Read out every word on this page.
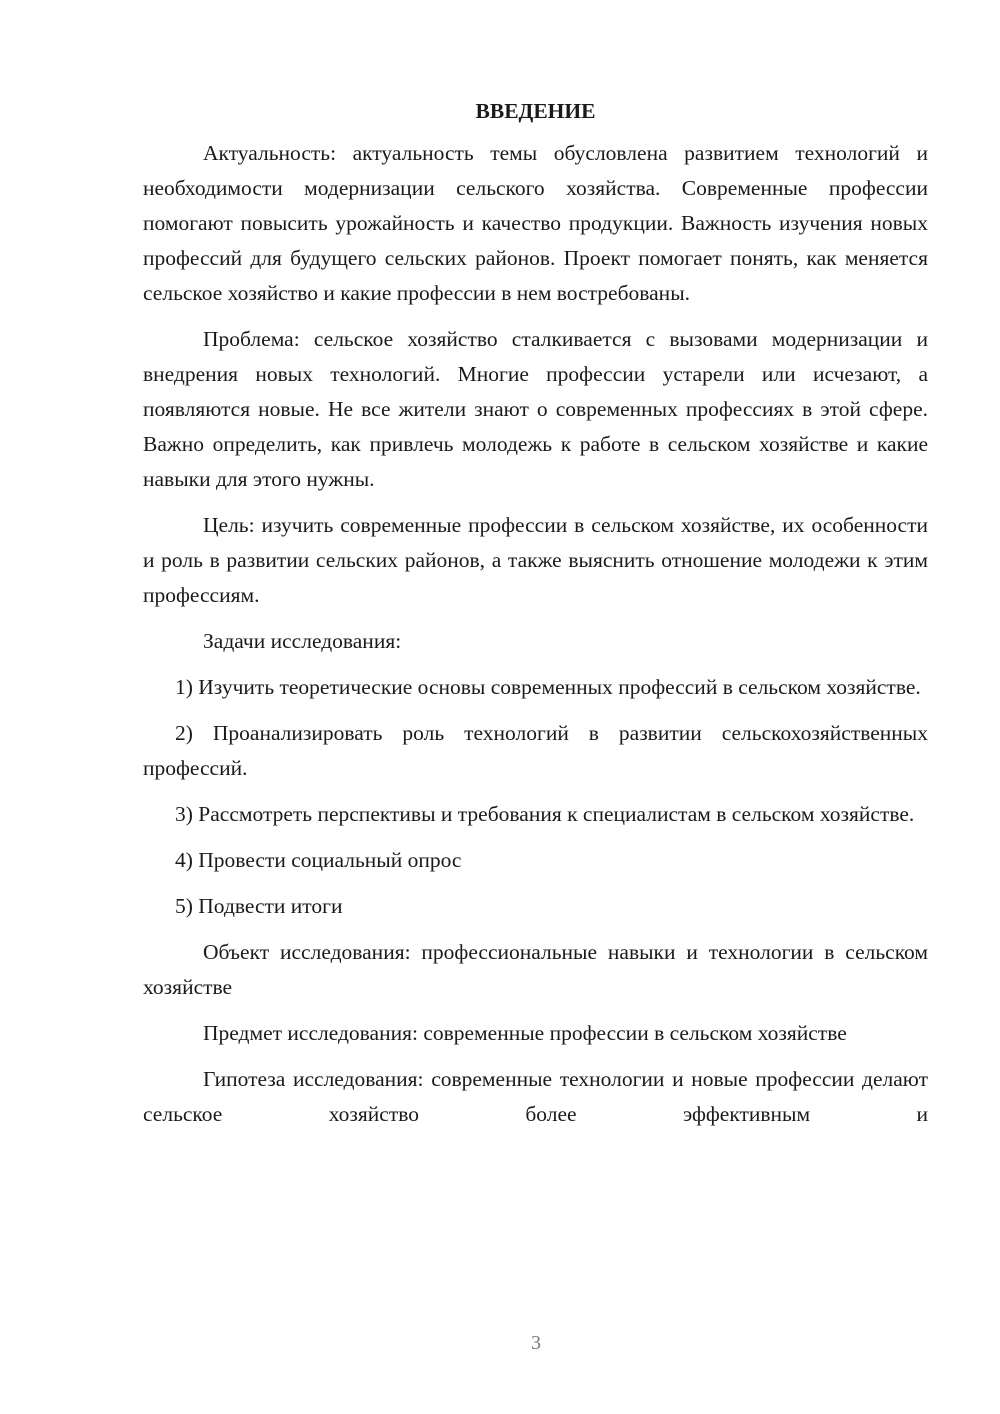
ВВЕДЕНИЕ

Актуальность: актуальность темы обусловлена развитием технологий и необходимости модернизации сельского хозяйства. Современные профессии помогают повысить урожайность и качество продукции. Важность изучения новых профессий для будущего сельских районов. Проект помогает понять, как меняется сельское хозяйство и какие профессии в нем востребованы.

Проблема: сельское хозяйство сталкивается с вызовами модернизации и внедрения новых технологий. Многие профессии устарели или исчезают, а появляются новые. Не все жители знают о современных профессиях в этой сфере. Важно определить, как привлечь молодежь к работе в сельском хозяйстве и какие навыки для этого нужны.

Цель: изучить современные профессии в сельском хозяйстве, их особенности и роль в развитии сельских районов, а также выяснить отношение молодежи к этим профессиям.

Задачи исследования:

1) Изучить теоретические основы современных профессий в сельском хозяйстве.

2) Проанализировать роль технологий в развитии сельскохозяйственных профессий.

3) Рассмотреть перспективы и требования к специалистам в сельском хозяйстве.

4) Провести социальный опрос

5) Подвести итоги

Объект исследования: профессиональные навыки и технологии в сельском хозяйстве

Предмет исследования: современные профессии в сельском хозяйстве

Гипотеза исследования: современные технологии и новые профессии делают сельское хозяйство более эффективным и

3
